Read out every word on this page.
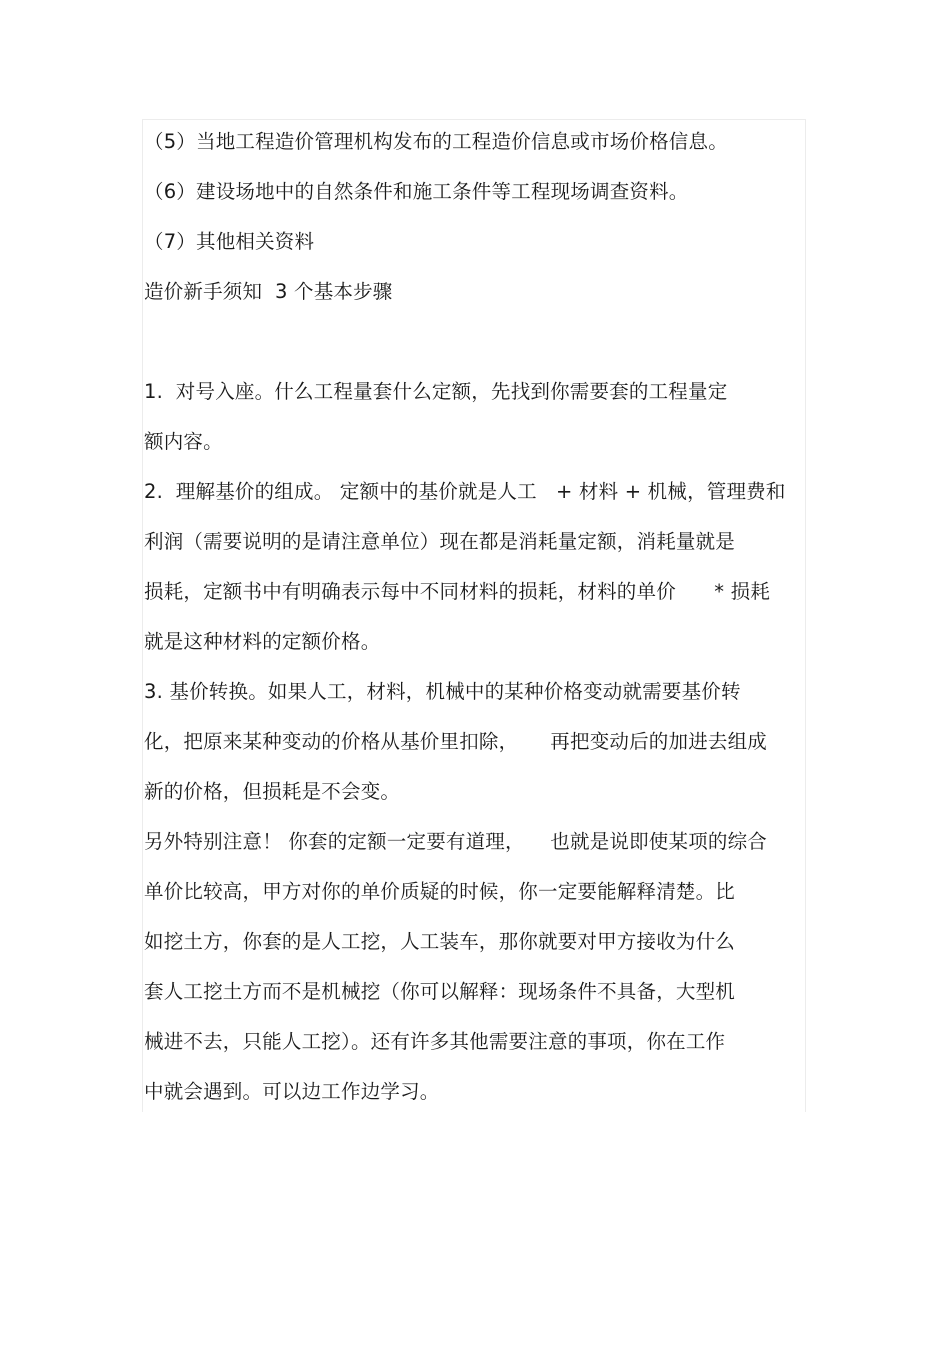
（5）当地工程造价管理机构发布的工程造价信息或市场价格信息。
（6）建设场地中的自然条件和施工条件等工程现场调查资料。
（7）其他相关资料
造价新手须知  3 个基本步骤
1.  对号入座。什么工程量套什么定额，先找到你需要套的工程量定
额内容。
2.  理解基价的组成。 定额中的基价就是人工   + 材料 + 机械，管理费和
利润（需要说明的是请注意单位）现在都是消耗量定额，消耗量就是
损耗，定额书中有明确表示每中不同材料的损耗，材料的单价      * 损耗
就是这种材料的定额价格。
3. 基价转换。如果人工，材料，机械中的某种价格变动就需要基价转
化，把原来某种变动的价格从基价里扣除，     再把变动后的加进去组成
新的价格，但损耗是不会变。
另外特别注意！ 你套的定额一定要有道理，    也就是说即使某项的综合
单价比较高，甲方对你的单价质疑的时候，你一定要能解释清楚。比
如挖土方，你套的是人工挖，人工装车，那你就要对甲方接收为什么
套人工挖土方而不是机械挖（你可以解释：现场条件不具备，大型机
械进不去，只能人工挖）。还有许多其他需要注意的事项，你在工作
中就会遇到。可以边工作边学习。
